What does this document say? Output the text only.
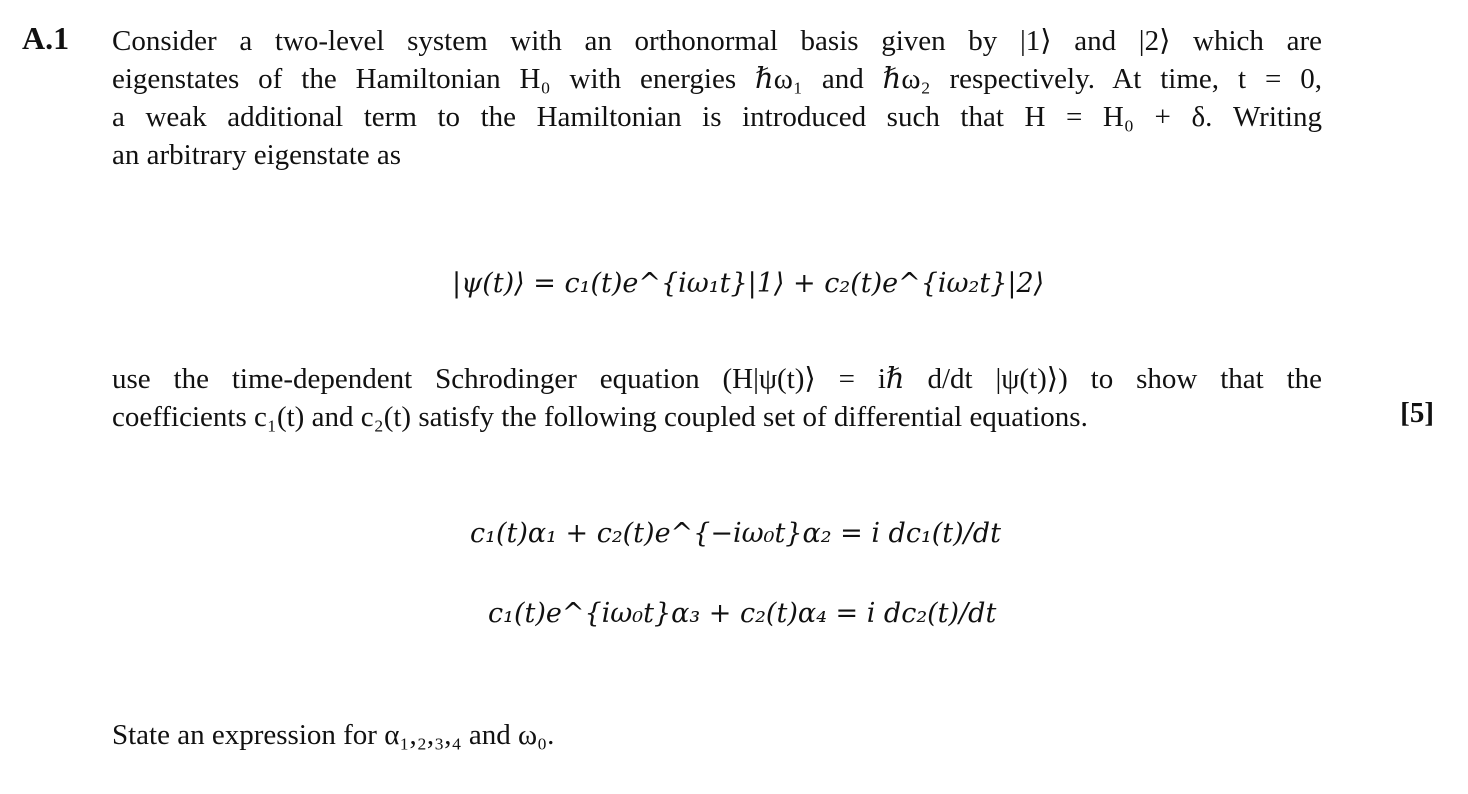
A.1 Consider a two-level system with an orthonormal basis given by |1⟩ and |2⟩ which are
eigenstates of the Hamiltonian H₀ with energies ℏω₁ and ℏω₂ respectively. At time, t = 0,
a weak additional term to the Hamiltonian is introduced such that H = H₀ + δ. Writing
an arbitrary eigenstate as
|ψ(t)⟩ = c₁(t)e^{iω₁t}|1⟩ + c₂(t)e^{iω₂t}|2⟩
use the time-dependent Schrodinger equation (H|ψ(t)⟩ = iℏ d/dt |ψ(t)⟩) to show that the
coefficients c₁(t) and c₂(t) satisfy the following coupled set of differential equations.	[5]
c₁(t)α₁ + c₂(t)e^{−iω₀t}α₂ = i dc₁(t)/dt
c₁(t)e^{iω₀t}α₃ + c₂(t)α₄ = i dc₂(t)/dt
State an expression for α₁,₂,₃,₄ and ω₀.
